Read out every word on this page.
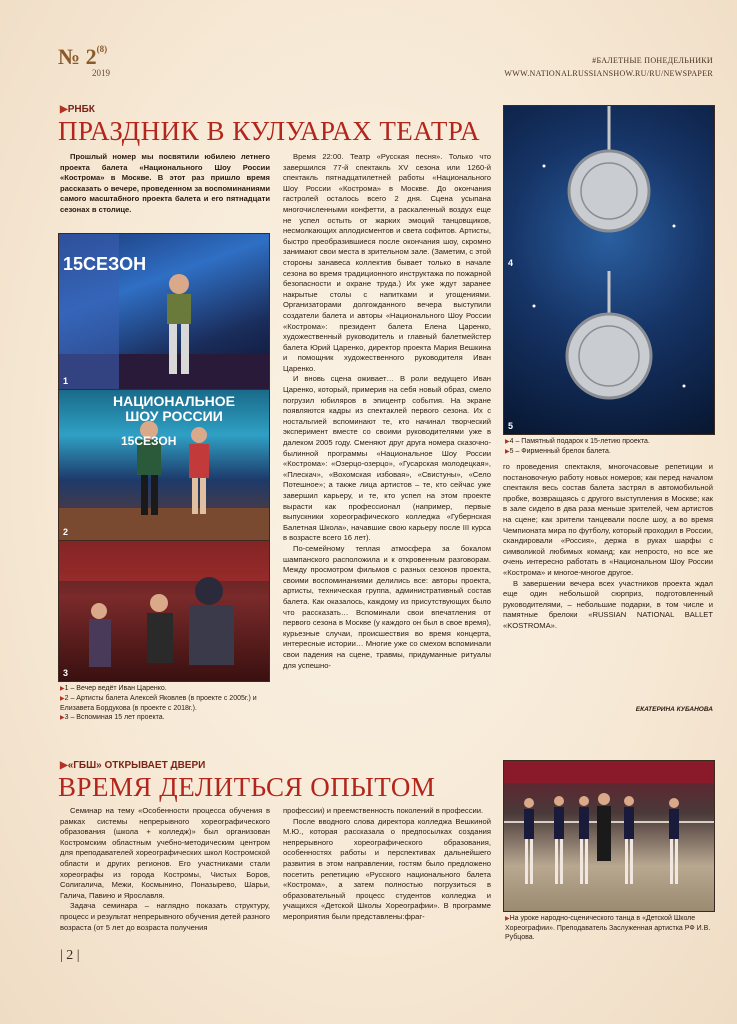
№ 2$^{(8)}$
2019
#БАЛЕТНЫЕ ПОНЕДЕЛЬНИКИ
WWW.NATIONALRUSSIANSHOW.RU/RU/NEWSPAPER
▶ РНБК
ПРАЗДНИК В КУЛУАРАХ ТЕАТРА

Прошлый номер мы посвятили юбилею летнего проекта балета «Национального Шоу России «Кострома» в Москве. В этот раз пришло время рассказать о вечере, проведенном за воспоминаниями самого масштабного проекта балета и его пятнадцати сезонах в столице.

15СЕЗОН
1
НАЦИОНАЛЬНОЕ ШОУ РОССИИ
15СЕЗОН
2
3
▶ 1 – Вечер ведёт Иван Царенко.
▶ 2 – Артисты балета Алексей Яковлев (в проекте с 2005г.) и Елизавета Бордукова (в проекте с 2018г.).
▶ 3 – Вспоминая 15 лет проекта.

Время 22:00. Театр «Русская песня». Только что завершился 77-й спектакль XV сезона или 1260-й спектакль пятнадцатилетней работы «Национального Шоу России «Кострома» в Москве. До окончания гастролей осталось всего 2 дня. Сцена усыпана многочисленными конфетти, а раскаленный воздух еще не успел остыть от жарких эмоций танцовщиков, несмолкающих аплодисментов и света софитов. Артисты, быстро преобразившиеся после окончания шоу, скромно занимают свои места в зрительном зале. (Заметим, с этой стороны занавеса коллектив бывает только в начале сезона во время традиционного инструктажа по пожарной безопасности и охране труда.) Их уже ждут заранее накрытые столы с напитками и угощениями. Организаторами долгожданного вечера выступили создатели балета и авторы «Национального Шоу России «Кострома»: президент балета Елена Царенко, художественный руководитель и главный балетмейстер балета Юрий Царенко, директор проекта Мария Вешкина и помощник художественного руководителя Иван Царенко.

И вновь сцена оживает… В роли ведущего Иван Царенко, который, примерив на себя новый образ, смело погрузил юбиляров в эпицентр события. На экране появляются кадры из спектаклей первого сезона. Их с ностальгией вспоминают те, кто начинал творческий эксперимент вместе со своими руководителями уже в далеком 2005 году. Сменяют друг друга номера сказочно-былинной программы «Национальное Шоу России «Кострома»: «Озерцо-озерцо», «Гусарская молодецкая», «Плескач», «Вохомская избовая», «Свистуны», «Село Потешное»; а также лица артистов – те, кто сейчас уже завершил карьеру, и те, кто успел на этом проекте вырасти как профессионал (например, первые выпускники хореографического колледжа «Губернская Балетная Школа», начавшие свою карьеру после III курса в возрасте всего 16 лет).

По-семейному теплая атмосфера за бокалом шампанского расположила и к откровенным разговорам. Между просмотром фильмов с разных сезонов проекта, своими воспоминаниями делились все: авторы проекта, артисты, техническая группа, административный состав балета. Как оказалось, каждому из присутствующих было что рассказать… Вспоминали свои впечатления от первого сезона в Москве (у каждого он был в свое время), курьезные случаи, происшествия во время концерта, интересные истории… Многие уже со смехом вспоминали свои падения на сцене, травмы, придуманные ритуалы для успешно-

4
5
▶ 4 – Памятный подарок к 15-летию проекта.
▶ 5 – Фирменный брелок балета.

го проведения спектакля, многочасовые репетиции и постановочную работу новых номеров; как перед началом спектакля весь состав балета застрял в автомобильной пробке, возвращаясь с другого выступления в Москве; как в зале сидело в два раза меньше зрителей, чем артистов на сцене; как зрители танцевали после шоу, а во время Чемпионата мира по футболу, который проходил в России, скандировали «Россия», держа в руках шарфы с символикой любимых команд; как непросто, но все же очень интересно работать в «Национальном Шоу России «Кострома» и многое-многое другое.

В завершении вечера всех участников проекта ждал еще один небольшой сюрприз, подготовленный руководителями, – небольшие подарки, в том числе и памятные брелоки «RUSSIAN NATIONAL BALLET «KOSTROMA».

ЕКАТЕРИНА КУБАНОВА
▶ «ГБШ» ОТКРЫВАЕТ ДВЕРИ
ВРЕМЯ ДЕЛИТЬСЯ ОПЫТОМ

Семинар на тему «Особенности процесса обучения в рамках системы непрерывного хореографического образования (школа + колледж)» был организован Костромским областным учебно-методическим центром для преподавателей хореографических школ Костромской области и других регионов. Его участниками стали хореографы из города Костромы, Чистых Боров, Солигалича, Межи, Космынино, Поназырево, Шарьи, Галича, Павино и Ярославля.

Задача семинара – наглядно показать структуру, процесс и результат непрерывного обучения детей разного возраста (от 5 лет до возраста получения

профессии) и преемственность поколений в профессии.

После вводного слова директора колледжа Вешкиной М.Ю., которая рассказала о предпосылках создания непрерывного хореографического образования, особенностях работы и перспективах дальнейшего развития в этом направлении, гостям было предложено посетить репетицию «Русского национального балета «Кострома», а затем полностью погрузиться в образовательный процесс студентов колледжа и учащихся «Детской Школы Хореографии». В программе мероприятия были представлены:фраг-

▶	На уроке народно-сценического танца в «Детской Школе Хореографии». Преподаватель Заслуженная артистка РФ И.В. Рубцова.
| 2 |
